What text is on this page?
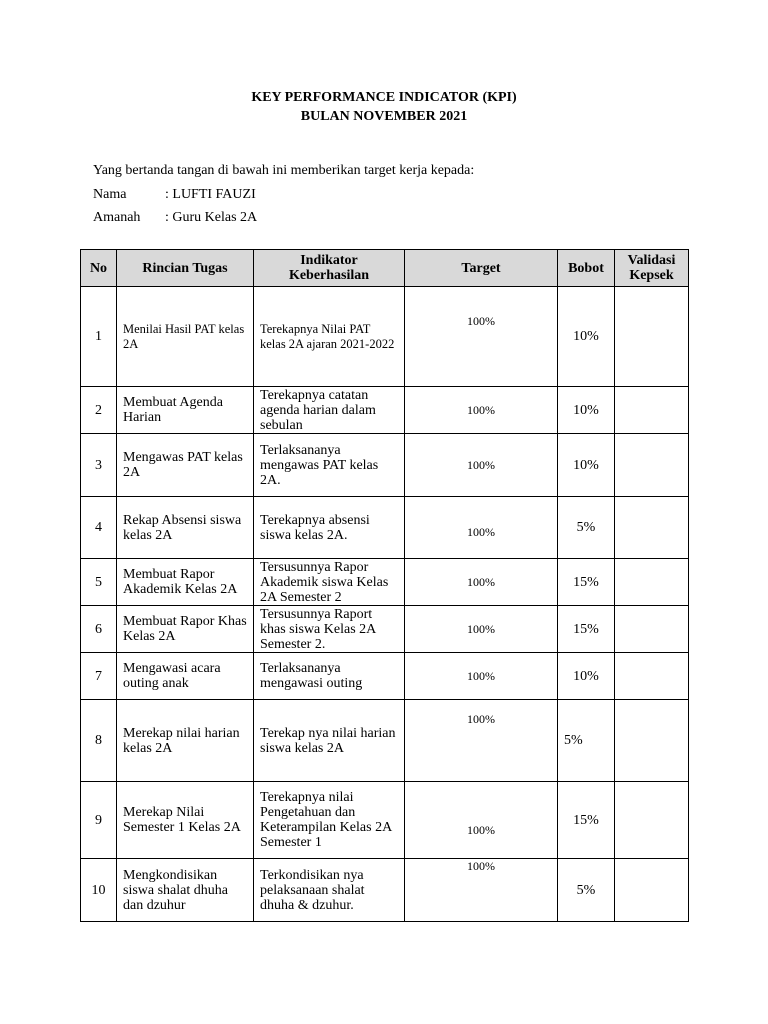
KEY PERFORMANCE INDICATOR (KPI)
BULAN NOVEMBER 2021
Yang bertanda tangan di bawah ini memberikan target kerja kepada:
Nama	: LUFTI FAUZI
Amanah : Guru Kelas 2A
No	Rincian Tugas	Indikator Keberhasilan	Target	Bobot	Validasi Kepsek
1	Menilai Hasil PAT kelas 2A	Terekapnya Nilai PAT kelas 2A ajaran 2021-2022	100%	10%	
2	Membuat Agenda Harian	Terekapnya catatan agenda harian dalam sebulan	100%	10%	
3	Mengawas PAT kelas 2A	Terlaksananya mengawas PAT kelas 2A.	100%	10%	
4	Rekap Absensi siswa kelas 2A	Terekapnya absensi siswa kelas 2A.	100%	5%	
5	Membuat Rapor Akademik Kelas 2A	Tersusunnya Rapor Akademik siswa Kelas 2A Semester 2	100%	15%	
6	Membuat Rapor Khas Kelas 2A	Tersusunnya Raport khas siswa Kelas 2A Semester 2.	100%	15%	
7	Mengawasi acara outing anak	Terlaksananya mengawasi outing	100%	10%	
8	Merekap nilai harian kelas 2A	Terekap nya nilai harian siswa kelas 2A	100%	5%	
9	Merekap Nilai Semester 1 Kelas 2A	Terekapnya nilai Pengetahuan dan Keterampilan Kelas 2A Semester 1	100%	15%	
10	Mengkondisikan siswa shalat dhuha dan dzuhur	Terkondisikan nya pelaksanaan shalat dhuha & dzuhur.	100%	5%	
